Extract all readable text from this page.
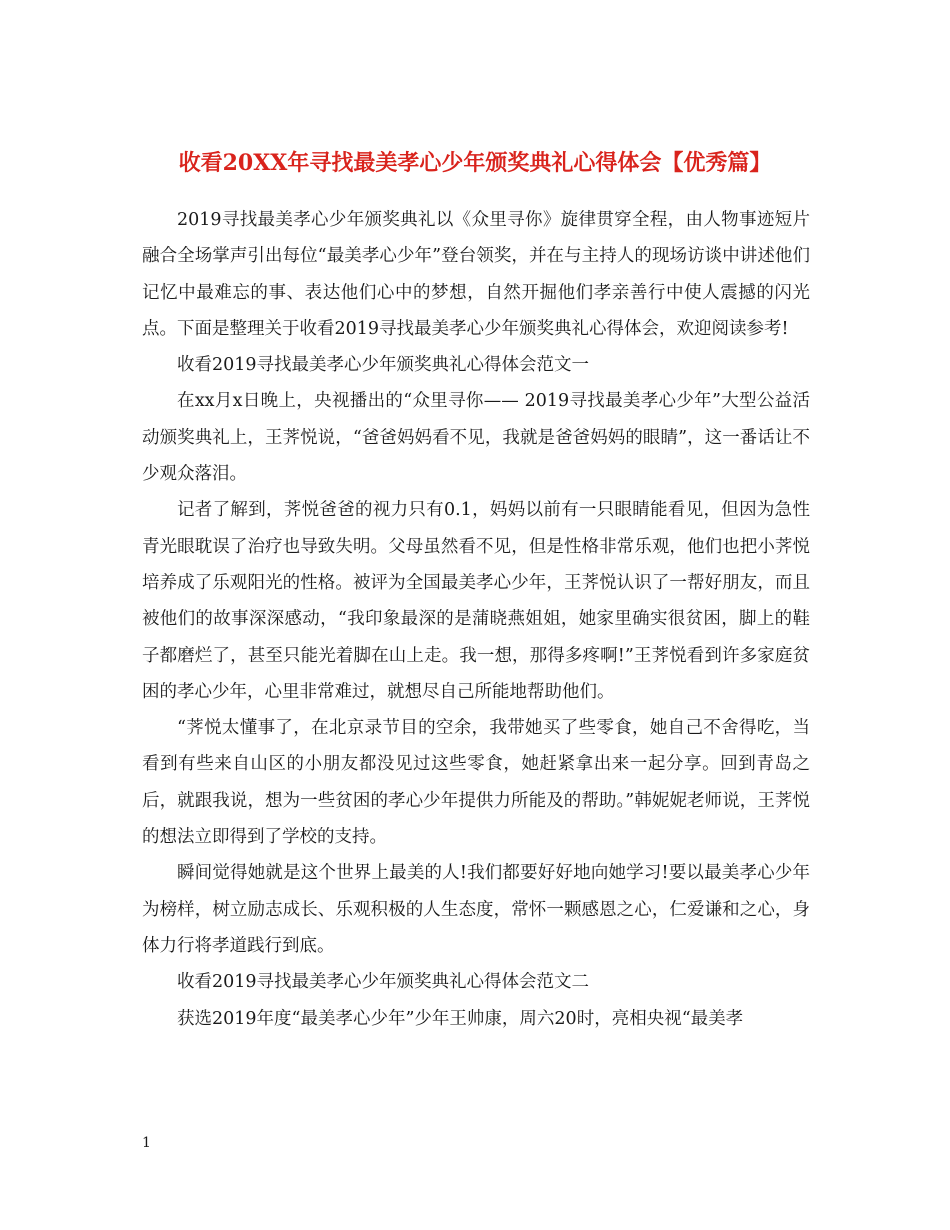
收看20XX年寻找最美孝心少年颁奖典礼心得体会【优秀篇】

2019寻找最美孝心少年颁奖典礼以《众里寻你》旋律贯穿全程，由人物事迹短片融合全场掌声引出每位“最美孝心少年”登台领奖，并在与主持人的现场访谈中讲述他们记忆中最难忘的事、表达他们心中的梦想，自然开掘他们孝亲善行中使人震撼的闪光点。下面是整理关于收看2019寻找最美孝心少年颁奖典礼心得体会，欢迎阅读参考!

收看2019寻找最美孝心少年颁奖典礼心得体会范文一

在xx月x日晚上，央视播出的“众里寻你—— 2019寻找最美孝心少年”大型公益活动颁奖典礼上，王荠悦说，“爸爸妈妈看不见，我就是爸爸妈妈的眼睛”，这一番话让不少观众落泪。

记者了解到，荠悦爸爸的视力只有0.1，妈妈以前有一只眼睛能看见，但因为急性青光眼耽误了治疗也导致失明。父母虽然看不见，但是性格非常乐观，他们也把小荠悦培养成了乐观阳光的性格。被评为全国最美孝心少年，王荠悦认识了一帮好朋友，而且被他们的故事深深感动，“我印象最深的是蒲晓燕姐姐，她家里确实很贫困，脚上的鞋子都磨烂了，甚至只能光着脚在山上走。我一想，那得多疼啊!”王荠悦看到许多家庭贫困的孝心少年，心里非常难过，就想尽自己所能地帮助他们。

“荠悦太懂事了，在北京录节目的空余，我带她买了些零食，她自己不舍得吃，当看到有些来自山区的小朋友都没见过这些零食，她赶紧拿出来一起分享。回到青岛之后，就跟我说，想为一些贫困的孝心少年提供力所能及的帮助。”韩妮妮老师说，王荠悦的想法立即得到了学校的支持。

瞬间觉得她就是这个世界上最美的人!我们都要好好地向她学习!要以最美孝心少年为榜样，树立励志成长、乐观积极的人生态度，常怀一颗感恩之心，仁爱谦和之心，身体力行将孝道践行到底。

收看2019寻找最美孝心少年颁奖典礼心得体会范文二

获选2019年度“最美孝心少年”少年王帅康，周六20时，亮相央视“最美孝

1
